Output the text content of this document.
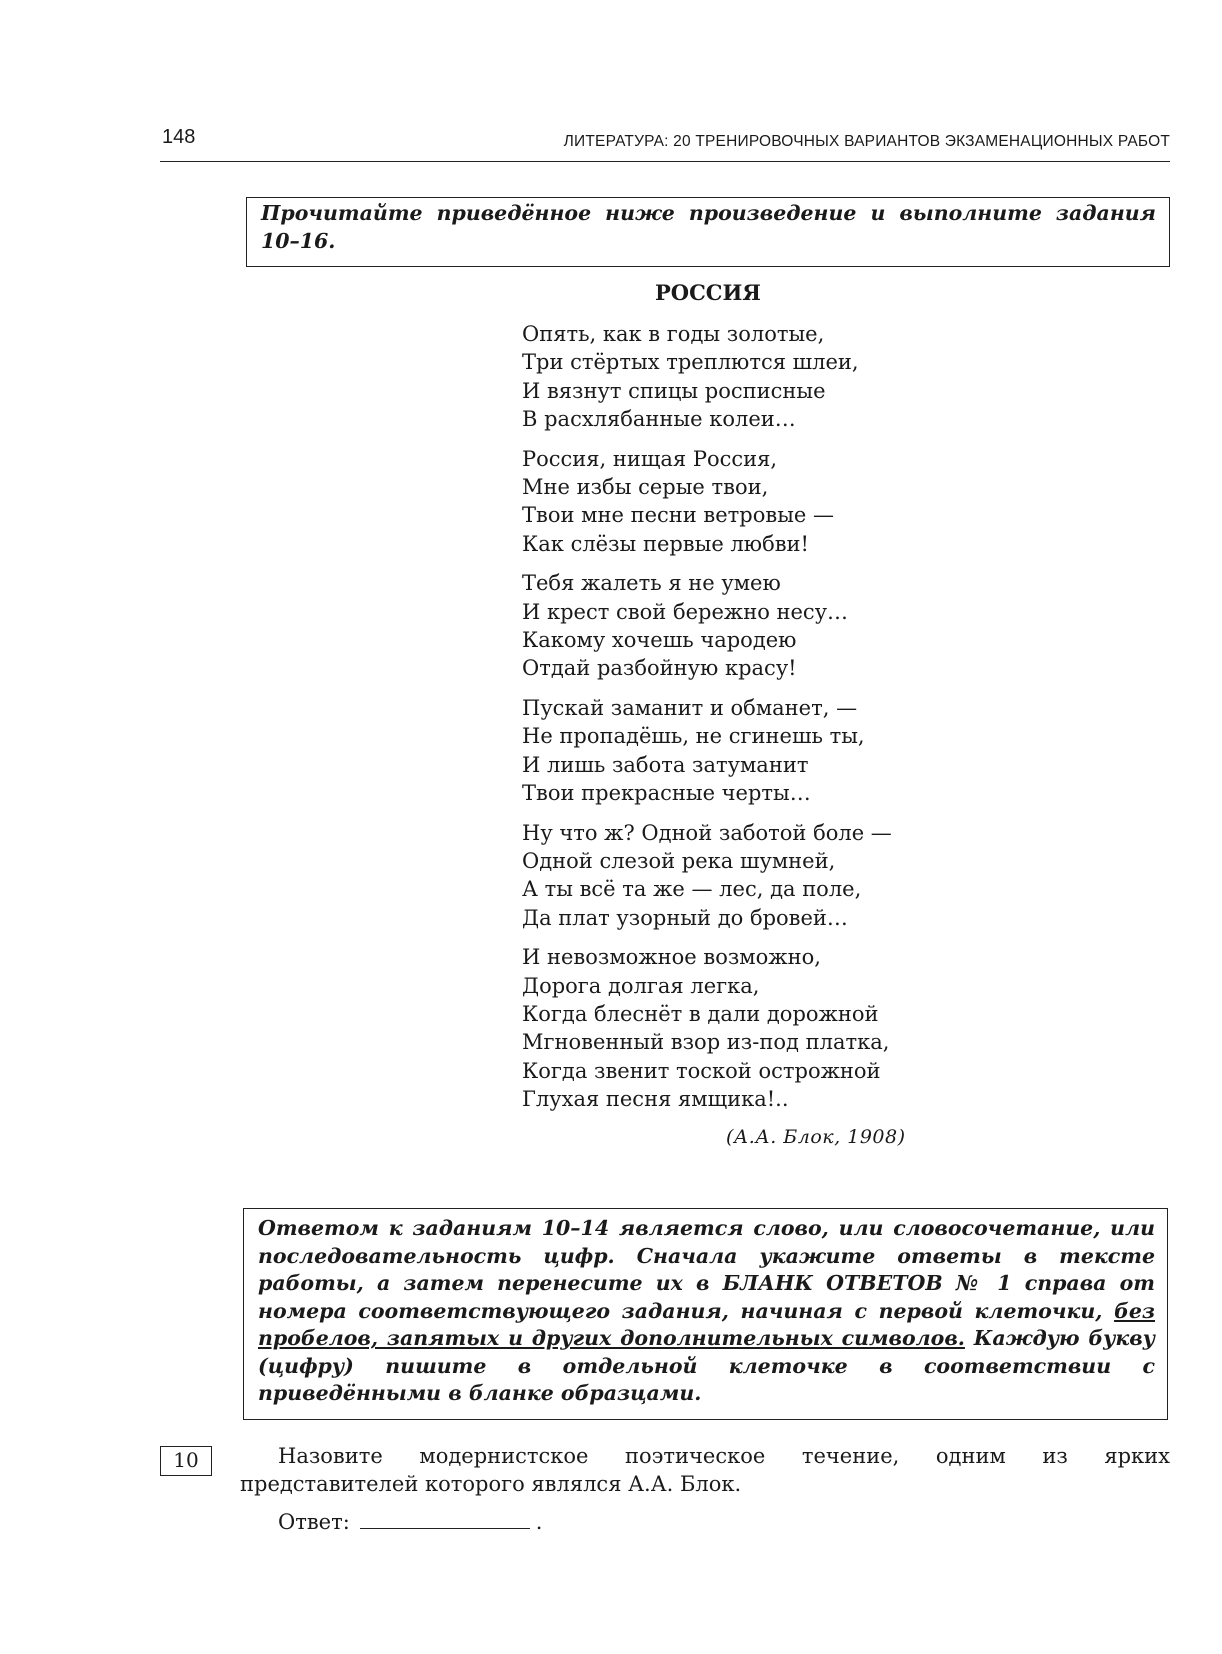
148	ЛИТЕРАТУРА: 20 ТРЕНИРОВОЧНЫХ ВАРИАНТОВ ЭКЗАМЕНАЦИОННЫХ РАБОТ
Прочитайте приведённое ниже произведение и выполните задания 10–16.
РОССИЯ
Опять, как в годы золотые,
Три стёртых треплются шлеи,
И вязнут спицы росписные
В расхлябанные колеи…
Россия, нищая Россия,
Мне избы серые твои,
Твои мне песни ветровые —
Как слёзы первые любви!
Тебя жалеть я не умею
И крест свой бережно несу…
Какому хочешь чародею
Отдай разбойную красу!
Пускай заманит и обманет, —
Не пропадёшь, не сгинешь ты,
И лишь забота затуманит
Твои прекрасные черты…
Ну что ж? Одной заботой боле —
Одной слезой река шумней,
А ты всё та же — лес, да поле,
Да плат узорный до бровей…
И невозможное возможно,
Дорога долгая легка,
Когда блеснёт в дали дорожной
Мгновенный взор из-под платка,
Когда звенит тоской острожной
Глухая песня ямщика!..
(А.А. Блок, 1908)
Ответом к заданиям 10–14 является слово, или словосочетание, или последовательность цифр. Сначала укажите ответы в тексте работы, а затем перенесите их в БЛАНК ОТВЕТОВ № 1 справа от номера соответствующего задания, начиная с первой клеточки, без пробелов, запятых и других дополнительных символов. Каждую букву (цифру) пишите в отдельной клеточке в соответствии с приведёнными в бланке образцами.
10	Назовите модернистское поэтическое течение, одним из ярких представителей которого являлся А.А. Блок.
Ответ:	.
